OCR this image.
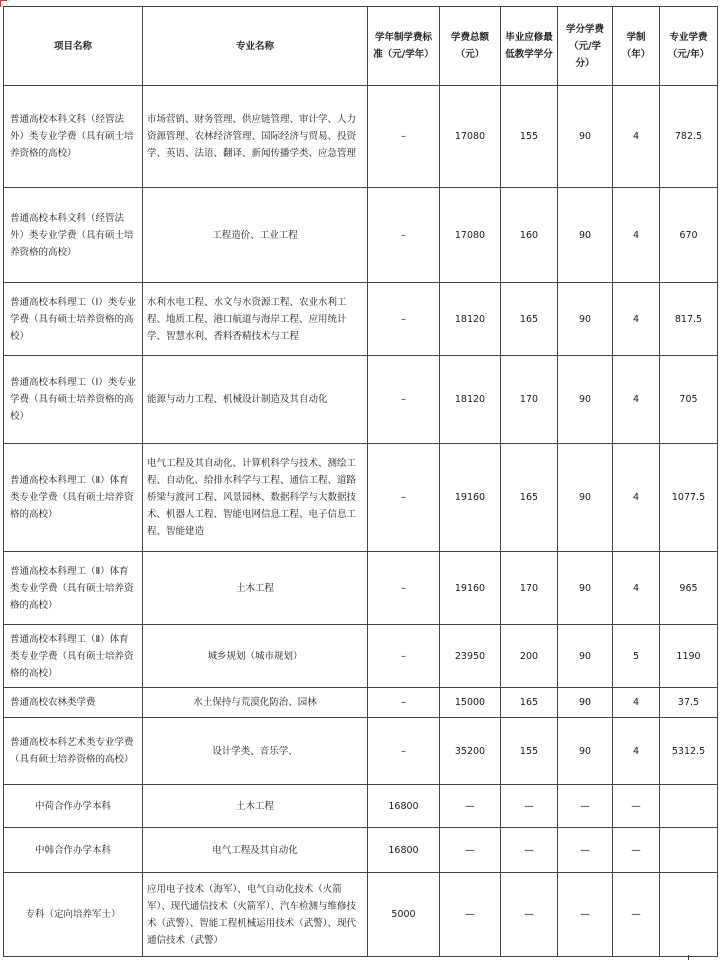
项目名称	专业名称	学年制学费标准（元/学年）	学费总额（元）	毕业应修最低教学学分	学分学费（元/学分）	学制（年）	专业学费（元/年）
普通高校本科文科（经管法外）类专业学费（具有硕士培养资格的高校）	市场营销、财务管理、供应链管理、审计学、人力资源管理、农林经济管理、国际经济与贸易、投资学、英语、法语、翻译、新闻传播学类、应急管理	–	17080	155	90	4	782.5
普通高校本科文科（经管法外）类专业学费（具有硕士培养资格的高校）	工程造价、工业工程	–	17080	160	90	4	670
普通高校本科理工（Ⅰ）类专业学费（具有硕士培养资格的高校）	水利水电工程、水文与水资源工程、农业水利工程、地质工程、港口航道与海岸工程、应用统计学、智慧水利、香料香精技术与工程	–	18120	165	90	4	817.5
普通高校本科理工（Ⅰ）类专业学费（具有硕士培养资格的高校）	能源与动力工程、机械设计制造及其自动化	–	18120	170	90	4	705
普通高校本科理工（Ⅱ）体育类专业学费（具有硕士培养资格的高校）	电气工程及其自动化、计算机科学与技术、测绘工程、自动化、给排水科学与工程、通信工程、道路桥梁与渡河工程、风景园林、数据科学与大数据技术、机器人工程、智能电网信息工程、电子信息工程、智能建造	–	19160	165	90	4	1077.5
普通高校本科理工（Ⅱ）体育类专业学费（具有硕士培养资格的高校）	土木工程	–	19160	170	90	4	965
普通高校本科理工（Ⅱ）体育类专业学费（具有硕士培养资格的高校）	城乡规划（城市规划）	–	23950	200	90	5	1190
普通高校农林类学费	水土保持与荒漠化防治、园林	–	15000	165	90	4	37.5
普通高校本科艺术类专业学费（具有硕士培养资格的高校）	设计学类、音乐学、	–	35200	155	90	4	5312.5
中荷合作办学本科	土木工程	16800	—	—	—	—	
中韩合作办学本科	电气工程及其自动化	16800	—	—	—	—	
专科（定向培养军士）	应用电子技术（海军）、电气自动化技术（火箭军）、现代通信技术（火箭军）、汽车检测与维修技术（武警）、智能工程机械运用技术（武警）、现代通信技术（武警）	5000	—	—	—	—	
